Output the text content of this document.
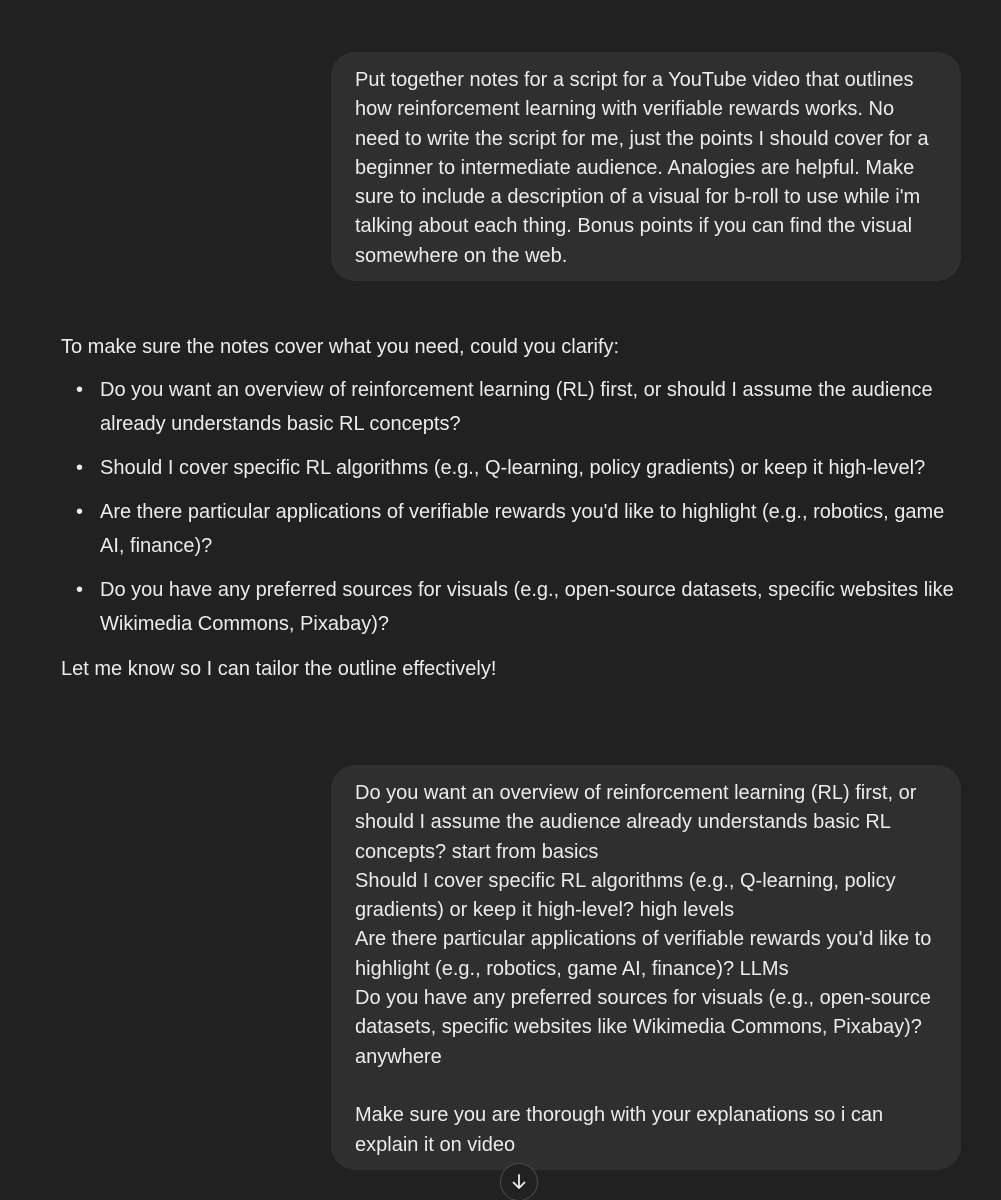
Put together notes for a script for a YouTube video that outlines
how reinforcement learning with verifiable rewards works. No
need to write the script for me, just the points I should cover for a
beginner to intermediate audience. Analogies are helpful. Make
sure to include a description of a visual for b-roll to use while i'm
talking about each thing. Bonus points if you can find the visual
somewhere on the web.

To make sure the notes cover what you need, could you clarify:

• Do you want an overview of reinforcement learning (RL) first, or should I assume the audience already understands basic RL concepts?
• Should I cover specific RL algorithms (e.g., Q-learning, policy gradients) or keep it high-level?
• Are there particular applications of verifiable rewards you'd like to highlight (e.g., robotics, game AI, finance)?
• Do you have any preferred sources for visuals (e.g., open-source datasets, specific websites like Wikimedia Commons, Pixabay)?

Let me know so I can tailor the outline effectively!

Do you want an overview of reinforcement learning (RL) first, or
should I assume the audience already understands basic RL
concepts? start from basics
Should I cover specific RL algorithms (e.g., Q-learning, policy
gradients) or keep it high-level? high levels
Are there particular applications of verifiable rewards you'd like to
highlight (e.g., robotics, game AI, finance)? LLMs
Do you have any preferred sources for visuals (e.g., open-source
datasets, specific websites like Wikimedia Commons, Pixabay)?
anywhere
Make sure you are thorough with your explanations so i can
explain it on video
